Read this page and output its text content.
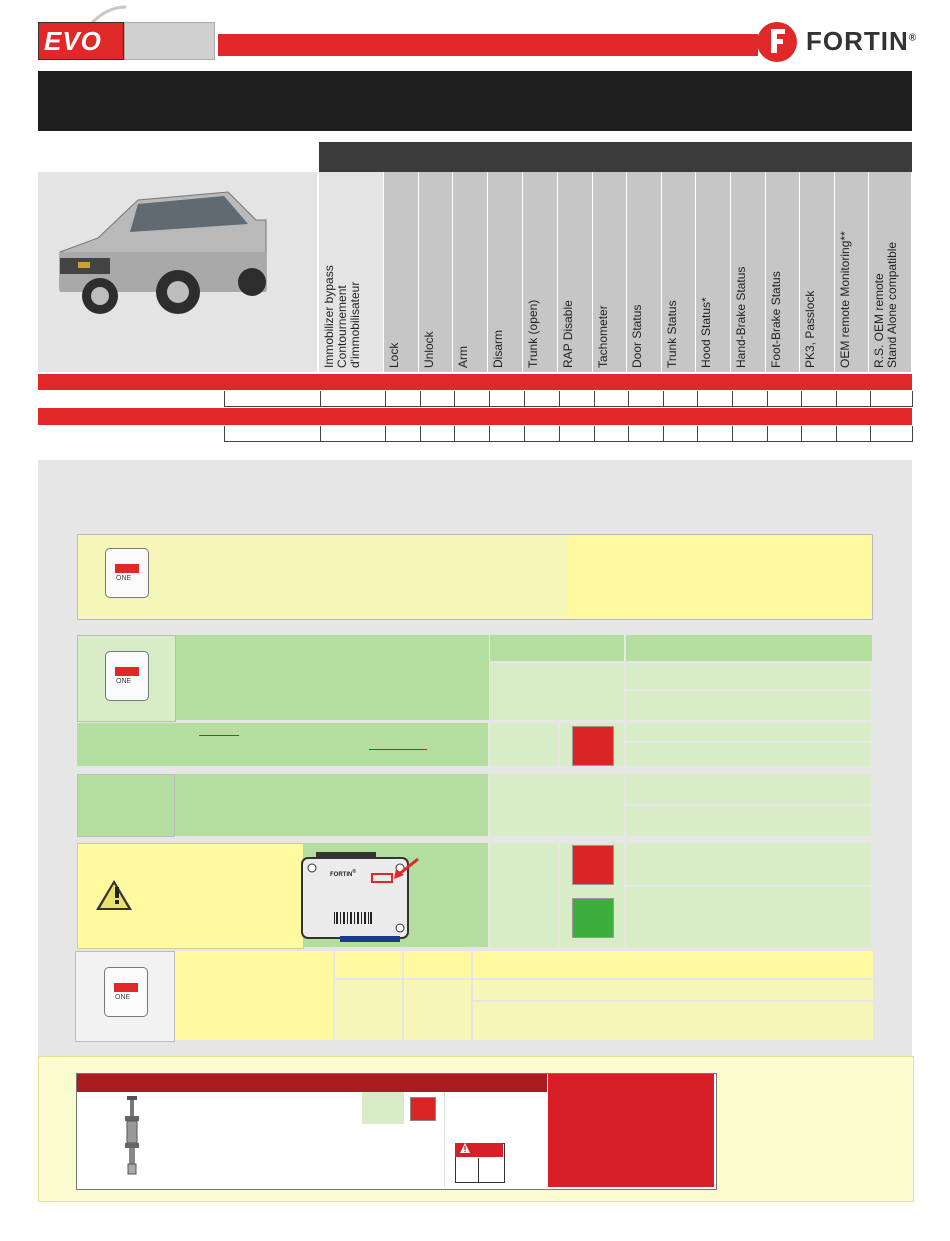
EVO	FORTIN®
Immobilizer bypass
Contournement
d'immobilisateur Lock Unlock Arm Disarm Trunk (open) RAP Disable Tachometer Door Status Trunk Status Hood Status* Hand-Brake Status Foot-Brake Status PK3, Passlock OEM remote Monitoring** R.S. OEM remote
Stand Alone compatible
ONE
ONE
FORTIN®
ONE
